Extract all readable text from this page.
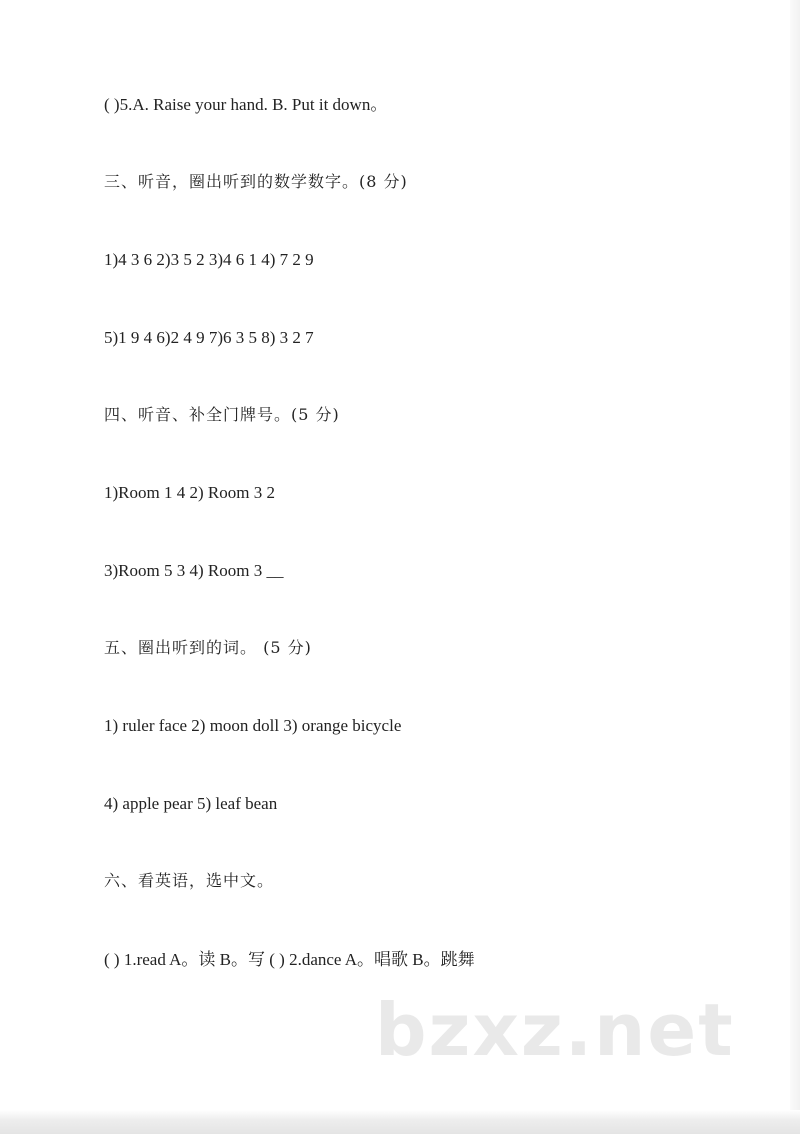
( )5.A. Raise your hand. B. Put it down。
三、听音，圈出听到的数学数字。(8 分)
1)4 3 6 2)3 5 2 3)4 6 1 4) 7 2 9
5)1 9 4 6)2 4 9 7)6 3 5 8) 3 2 7
四、听音、补全门牌号。(5 分)
1)Room 1 4 2) Room 3 2
3)Room 5 3 4) Room 3 __
五、圈出听到的词。 (5 分)
1) ruler face 2) moon doll 3) orange bicycle
4) apple pear 5) leaf bean
六、看英语，选中文。
( ) 1.read A。读 B。写 ( ) 2.dance A。唱歌 B。跳舞
bzxz.net
